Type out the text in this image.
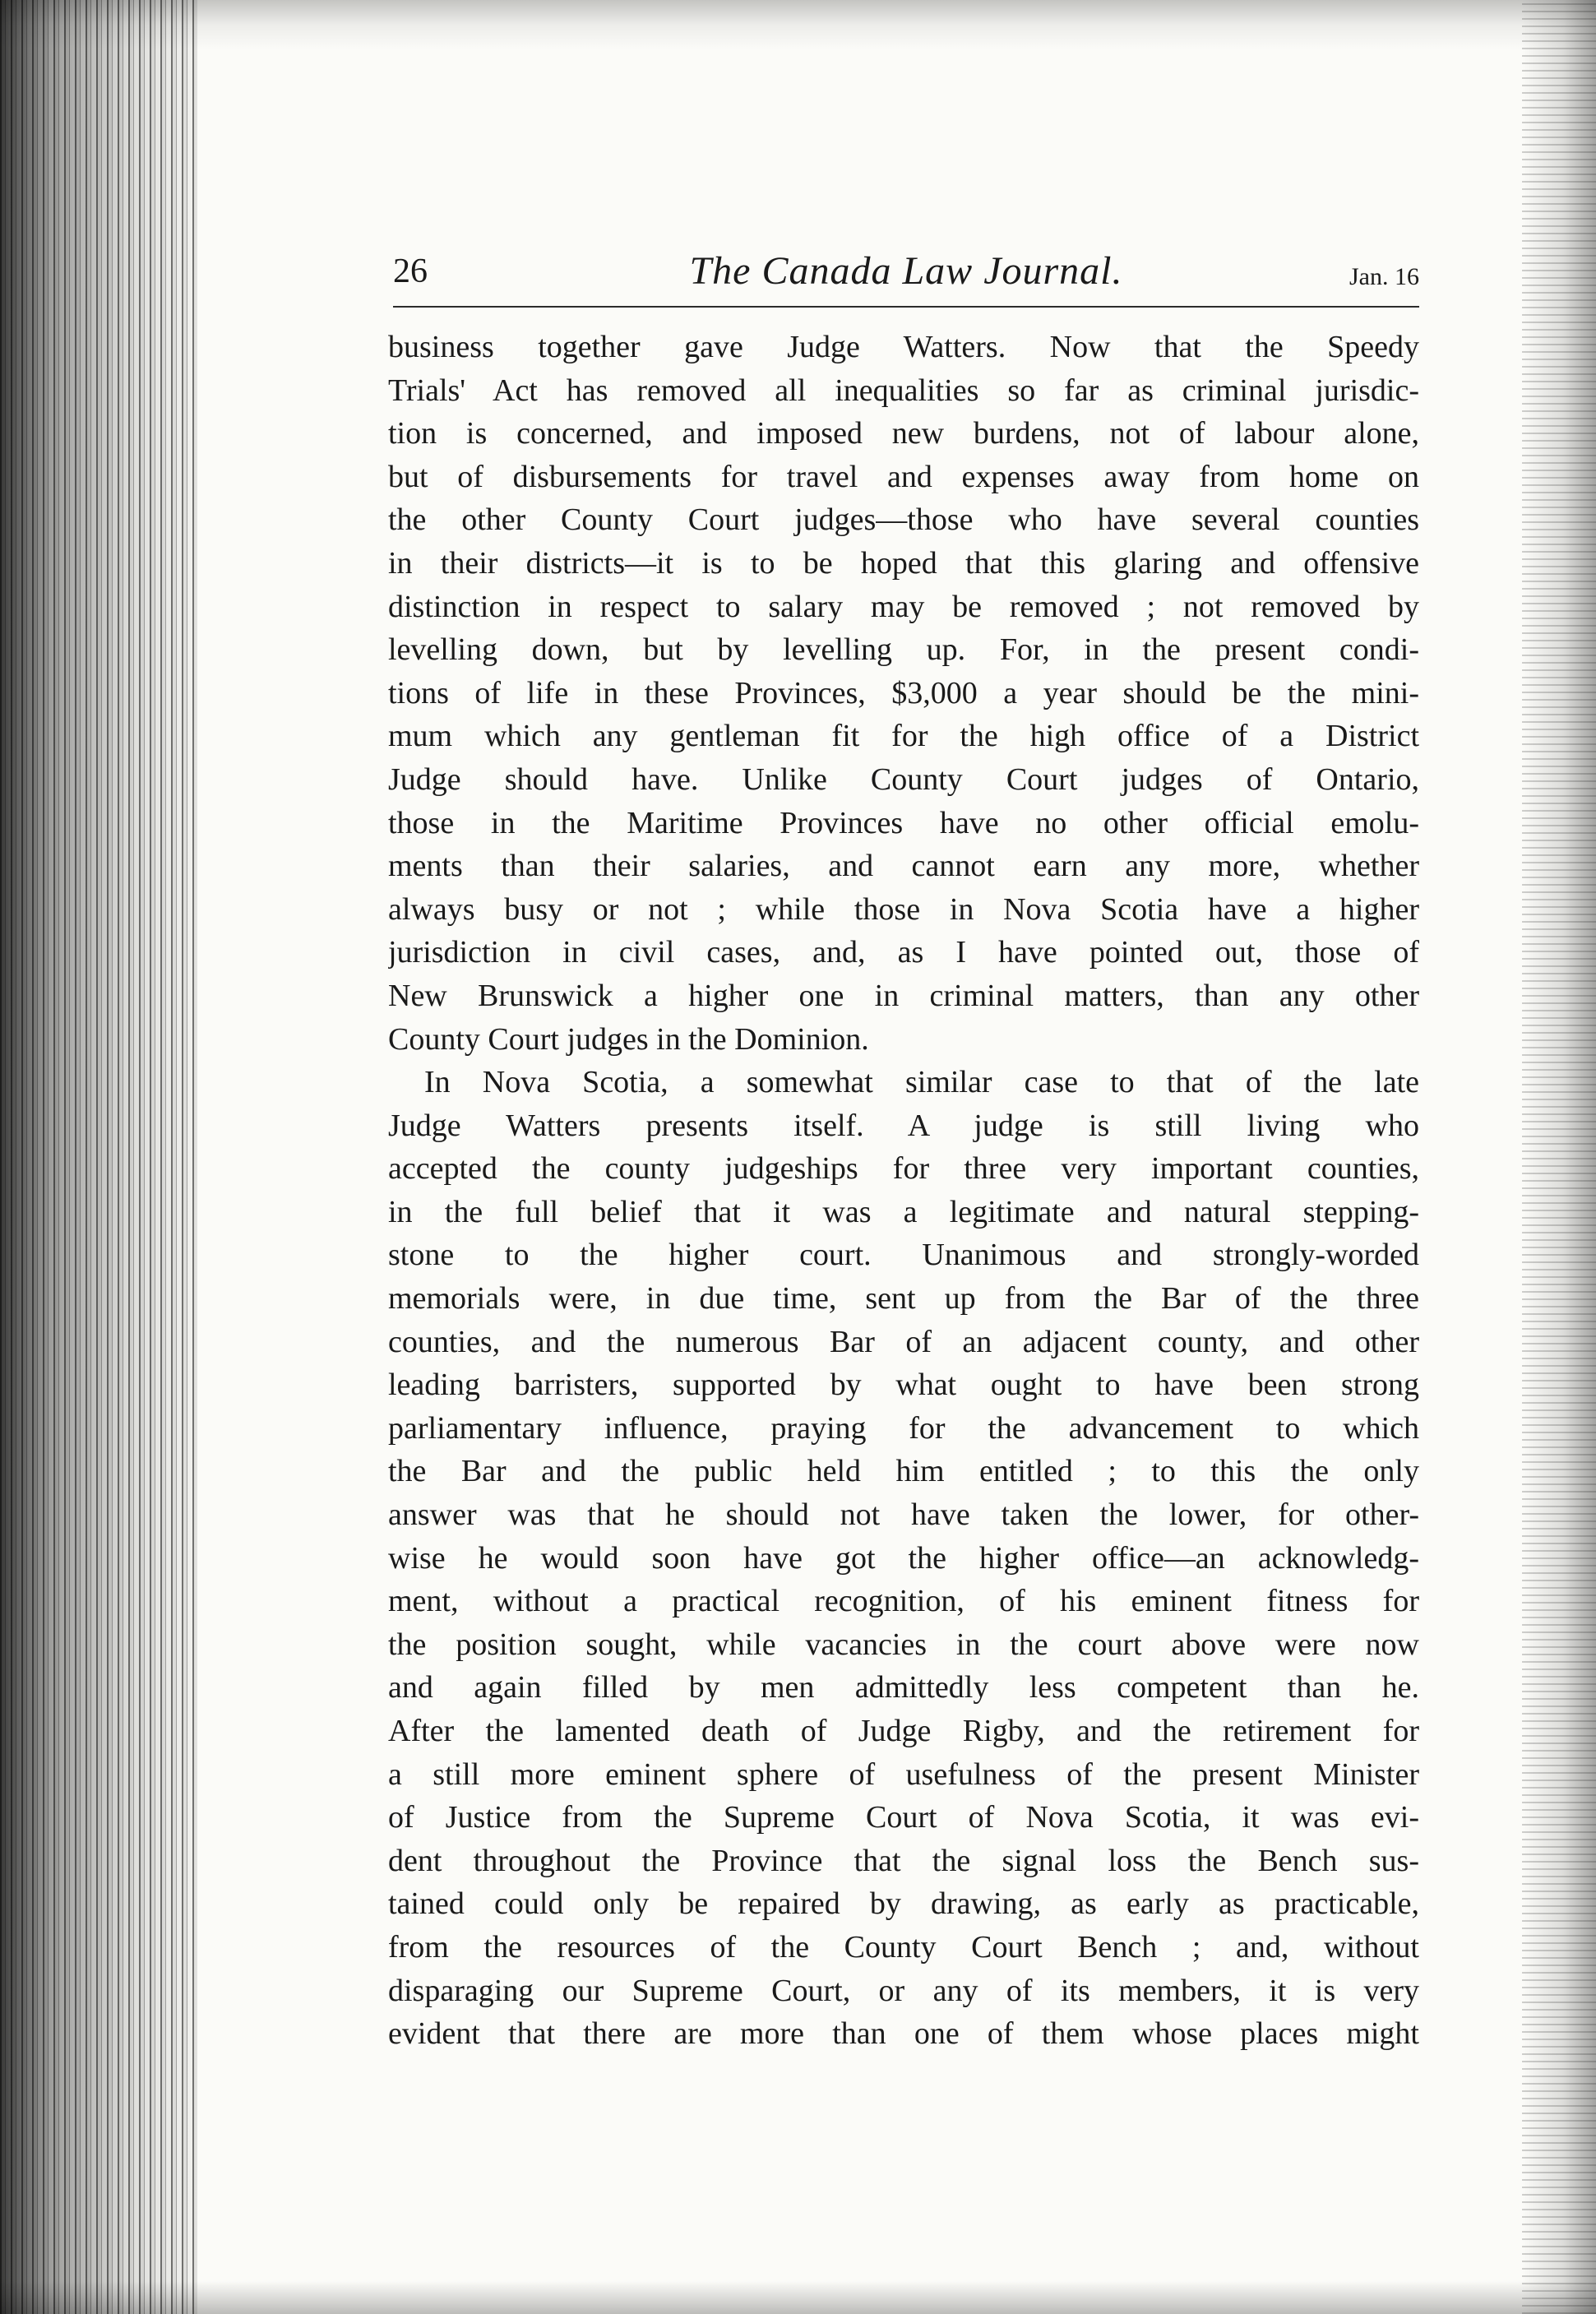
26	The Canada Law Journal.	Jan. 16
business together gave Judge Watters. Now that the Speedy
Trials' Act has removed all inequalities so far as criminal jurisdic-
tion is concerned, and imposed new burdens, not of labour alone,
but of disbursements for travel and expenses away from home on
the other County Court judges—those who have several counties
in their districts—it is to be hoped that this glaring and offensive
distinction in respect to salary may be removed ; not removed by
levelling down, but by levelling up. For, in the present condi-
tions of life in these Provinces, $3,000 a year should be the mini-
mum which any gentleman fit for the high office of a District
Judge should have. Unlike County Court judges of Ontario,
those in the Maritime Provinces have no other official emolu-
ments than their salaries, and cannot earn any more, whether
always busy or not ; while those in Nova Scotia have a higher
jurisdiction in civil cases, and, as I have pointed out, those of
New Brunswick a higher one in criminal matters, than any other
County Court judges in the Dominion.
In Nova Scotia, a somewhat similar case to that of the late
Judge Watters presents itself. A judge is still living who
accepted the county judgeships for three very important counties,
in the full belief that it was a legitimate and natural stepping-
stone to the higher court. Unanimous and strongly-worded
memorials were, in due time, sent up from the Bar of the three
counties, and the numerous Bar of an adjacent county, and other
leading barristers, supported by what ought to have been strong
parliamentary influence, praying for the advancement to which
the Bar and the public held him entitled ; to this the only
answer was that he should not have taken the lower, for other-
wise he would soon have got the higher office—an acknowledg-
ment, without a practical recognition, of his eminent fitness for
the position sought, while vacancies in the court above were now
and again filled by men admittedly less competent than he.
After the lamented death of Judge Rigby, and the retirement for
a still more eminent sphere of usefulness of the present Minister
of Justice from the Supreme Court of Nova Scotia, it was evi-
dent throughout the Province that the signal loss the Bench sus-
tained could only be repaired by drawing, as early as practicable,
from the resources of the County Court Bench ; and, without
disparaging our Supreme Court, or any of its members, it is very
evident that there are more than one of them whose places might
